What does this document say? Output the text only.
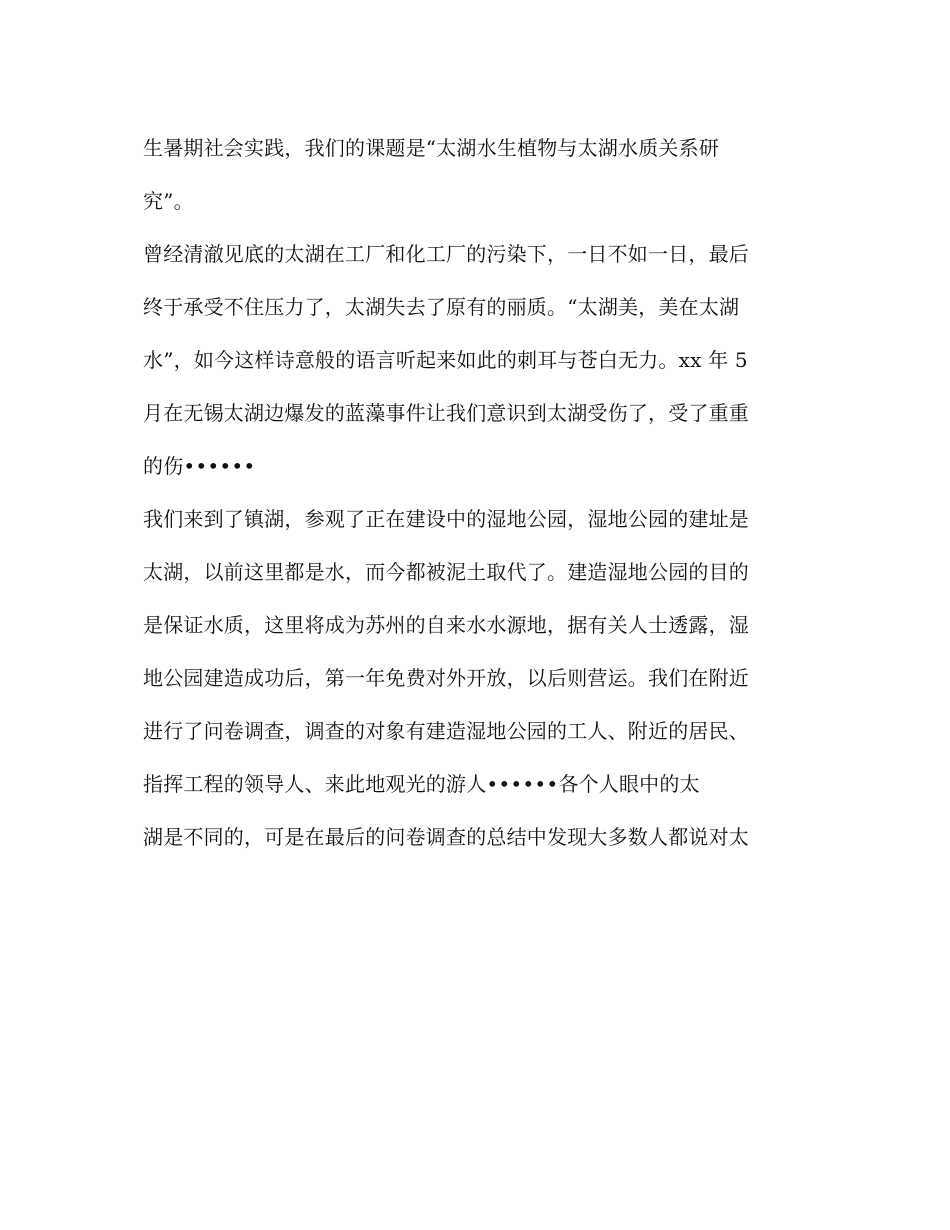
生暑期社会实践，我们的课题是“太湖水生植物与太湖水质关系研
究”。
曾经清澈见底的太湖在工厂和化工厂的污染下，一日不如一日，最后
终于承受不住压力了，太湖失去了原有的丽质。“太湖美，美在太湖
水”，如今这样诗意般的语言听起来如此的刺耳与苍白无力。xx 年 5
月在无锡太湖边爆发的蓝藻事件让我们意识到太湖受伤了，受了重重
的伤••••••
我们来到了镇湖，参观了正在建设中的湿地公园，湿地公园的建址是
太湖，以前这里都是水，而今都被泥土取代了。建造湿地公园的目的
是保证水质，这里将成为苏州的自来水水源地，据有关人士透露，湿
地公园建造成功后，第一年免费对外开放，以后则营运。我们在附近
进行了问卷调查，调查的对象有建造湿地公园的工人、附近的居民、
指挥工程的领导人、来此地观光的游人••••••各个人眼中的太
湖是不同的，可是在最后的问卷调查的总结中发现大多数人都说对太
